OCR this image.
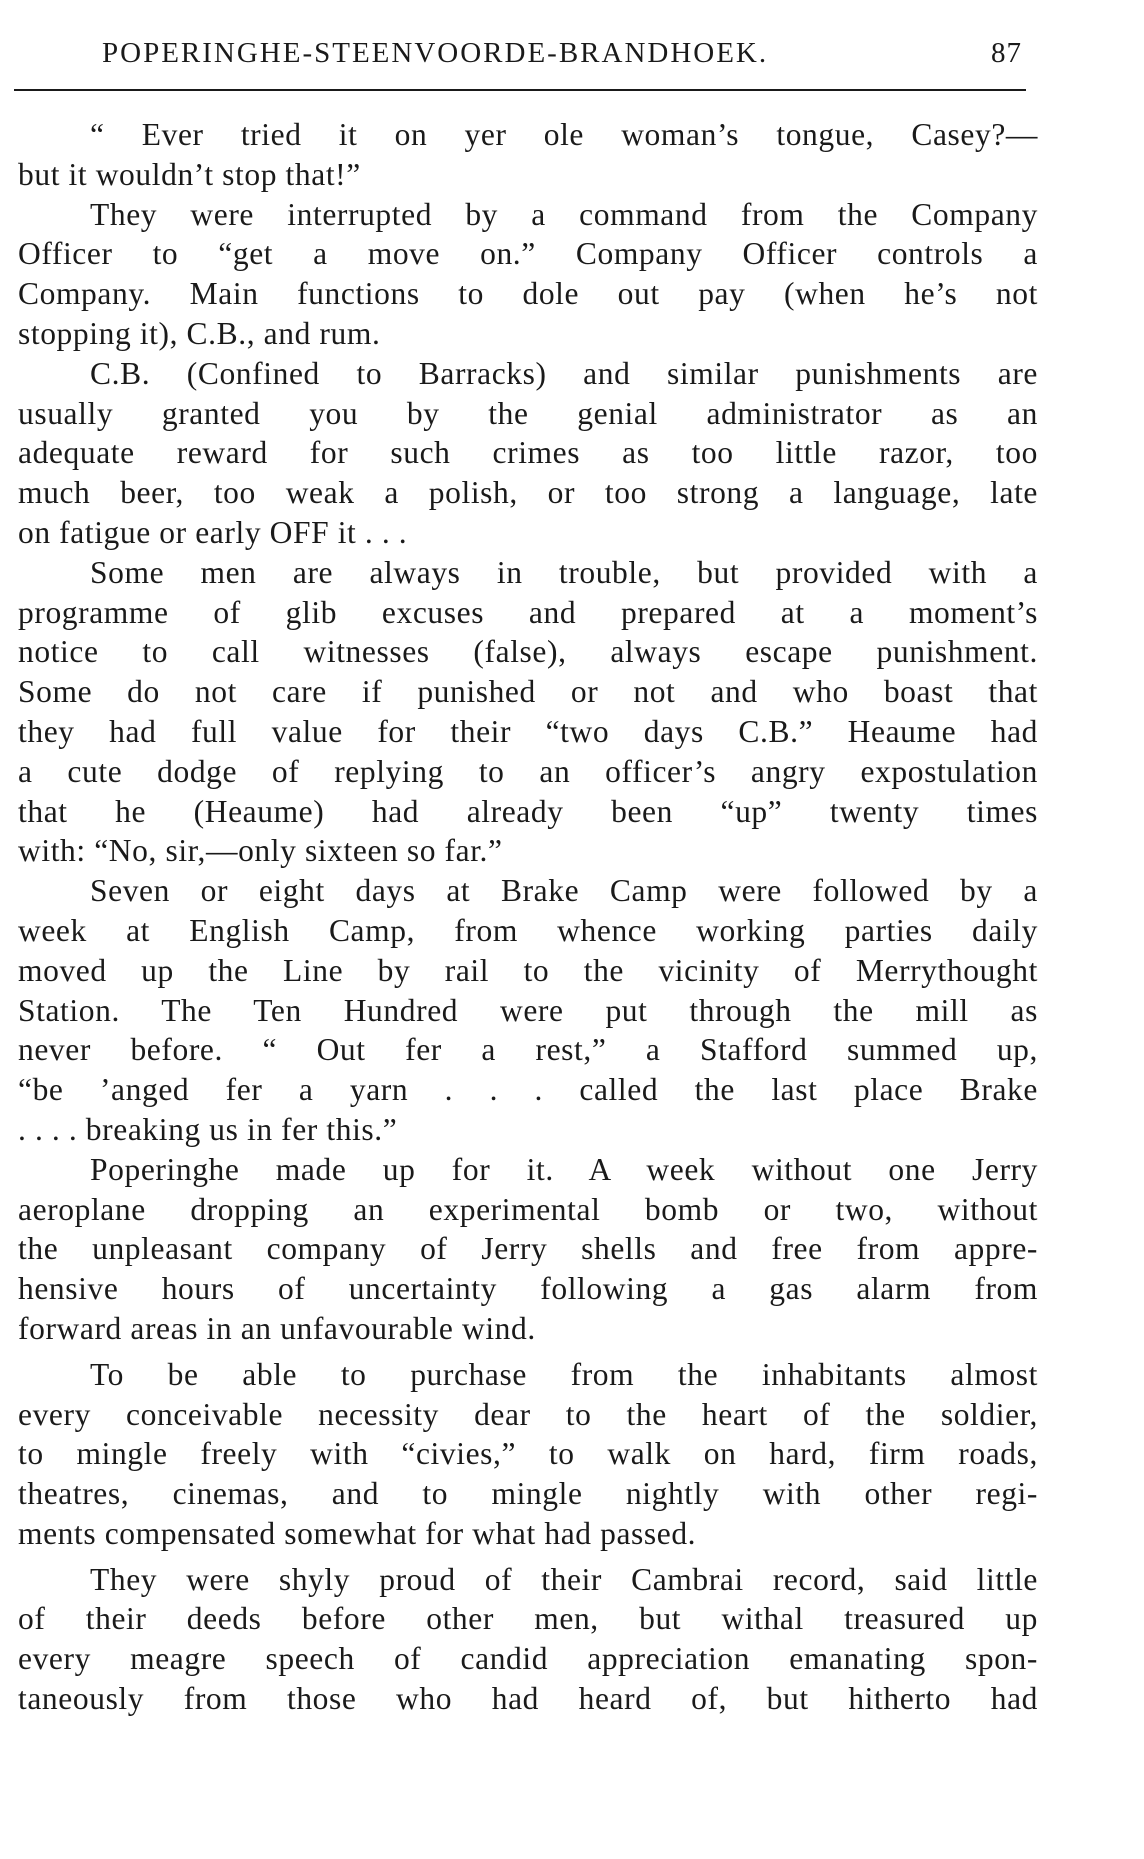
POPERINGHE-STEENVOORDE-BRANDHOEK.	87
“ Ever tried it on yer ole woman’s tongue, Casey?—
but it wouldn’t stop that!”
They were interrupted by a command from the Company
Officer to “get a move on.” Company Officer controls a
Company. Main functions to dole out pay (when he’s not
stopping it), C.B., and rum.
C.B. (Confined to Barracks) and similar punishments are
usually granted you by the genial administrator as an
adequate reward for such crimes as too little razor, too
much beer, too weak a polish, or too strong a language, late
on fatigue or early OFF it . . .
Some men are always in trouble, but provided with a
programme of glib excuses and prepared at a moment’s
notice to call witnesses (false), always escape punishment.
Some do not care if punished or not and who boast that
they had full value for their “two days C.B.” Heaume had
a cute dodge of replying to an officer’s angry expostulation
that he (Heaume) had already been “up” twenty times
with: “No, sir,—only sixteen so far.”
Seven or eight days at Brake Camp were followed by a
week at English Camp, from whence working parties daily
moved up the Line by rail to the vicinity of Merrythought
Station. The Ten Hundred were put through the mill as
never before. “ Out fer a rest,” a Stafford summed up,
“be ’anged fer a yarn . . . called the last place Brake
. . . . breaking us in fer this.”
Poperinghe made up for it. A week without one Jerry
aeroplane dropping an experimental bomb or two, without
the unpleasant company of Jerry shells and free from appre-
hensive hours of uncertainty following a gas alarm from
forward areas in an unfavourable wind.
To be able to purchase from the inhabitants almost
every conceivable necessity dear to the heart of the soldier,
to mingle freely with “civies,” to walk on hard, firm roads,
theatres, cinemas, and to mingle nightly with other regi-
ments compensated somewhat for what had passed.
They were shyly proud of their Cambrai record, said little
of their deeds before other men, but withal treasured up
every meagre speech of candid appreciation emanating spon-
taneously from those who had heard of, but hitherto had
